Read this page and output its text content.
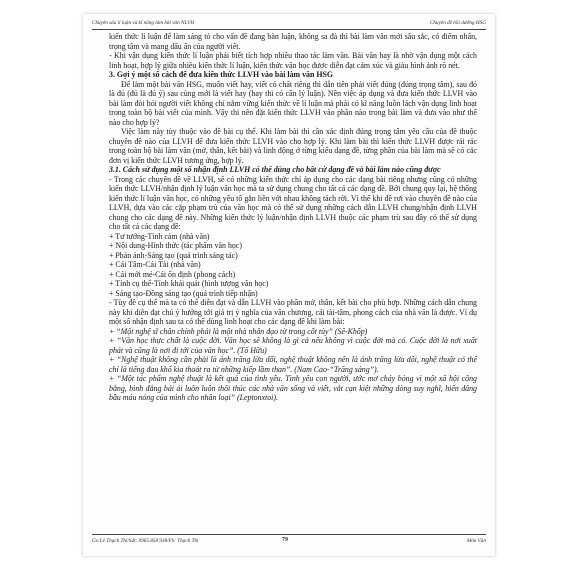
Chuyên sâu lí luận và kĩ năng làm bài văn NLVH	Chuyên đề bồi dưỡng HSG

kiến thức lí luận để làm sáng tỏ cho vấn đề đang bàn luận, không sa đà thì bài làm văn mới sâu sắc, có điểm nhấn, trọng tâm và mang dấu ấn của người viết.

- Khi vận dụng kiến thức lí luận phải biết tích hợp nhiều thao tác làm văn. Bài văn hay là nhờ vận dụng một cách linh hoạt, hợp lý giữa nhiều kiến thức lí luận, kiến thức văn học được diễn đạt cảm xúc và giàu hình ảnh rõ nét.

3. Gợi ý một số cách để đưa kiến thức LLVH vào bài làm văn HSG

Để làm một bài văn HSG, muốn viết hay, viết có chất riêng thì dẫn tiên phải viết đúng (đúng trọng tâm), sau đó là đủ (đủ là đủ ý) sau cùng mới là viết hay (hay thì có cần lý luận). Nên việc áp dụng và đưa kiến thức LLVH vào bài làm đòi hỏi người viết không chỉ nắm vững kiến thức về lí luận mà phải có kĩ năng luồn lách vận dụng linh hoạt trong toàn bộ bài viết của mình. Vậy thì nên đặt kiến thức LLVH vào phần nào trong bài làm và đưa vào như thế nào cho hợp lý?

Việc làm này tùy thuộc vào đề bài cụ thể. Khi làm bài thì cần xác định đúng trọng tâm yêu cầu của đề thuộc chuyên đề nào của LLVH để đưa kiến thức LLVH vào cho hợp lý. Khi làm bài thì kiến thức LLVH được rải rác trong toàn bộ bài làm văn (mở, thân, kết bài) và linh động ở từng kiểu dạng đề, từng phần của bài làm mà sẽ có các đơn vị kiến thức LLVH tương ứng, hợp lý.

3.1. Cách sử dụng một số nhận định LLVH có thể dùng cho bất cứ dạng đề và bài làm nào cũng được

- Trong các chuyên đề về LLVH, sẽ có những kiến thức chỉ áp dụng cho các dạng bài riêng nhưng cũng có những kiến thức LLVH/nhận định lý luận văn học mà ta sử dụng chung cho tất cả các dạng đề. Bởi chung quy lại, hệ thống kiến thức lí luận văn học, có những yếu tố gắn liền với nhau không tách rời. Vì thế khi đề rơi vào chuyên đề nào của LLVH, dựa vào các cặp phạm trù của văn học mà có thể sử dụng những cách dẫn LLVH chung/nhận định LLVH chung cho các dạng đề này. Những kiến thức lý luận/nhận định LLVH thuộc các phạm trù sau đây có thể sử dụng cho tất cả các dạng đề:

+ Tư tưởng-Tình cảm (nhà văn)

+ Nội dung-Hình thức (tác phẩm văn học)

+ Phản ánh-Sáng tạo (quá trình sáng tác)

+ Cái Tâm-Cái Tài (nhà văn)

+ Cái mới mẻ-Cái ổn định (phong cách)

+ Tính cụ thể-Tính khái quát (hình tượng văn học)

+ Sáng tạo-Đồng sáng tạo (quá trình tiếp nhận)

- Tùy đề cụ thể mà ta có thể diễn đạt và dẫn LLVH vào phần mở, thân, kết bài cho phù hợp. Những cách dẫn chung này khi diễn đạt chú ý hướng tới giá trị ý nghĩa của văn chương, cái tài-tâm, phong cách của nhà văn là được. Ví dụ một số nhận định sau ta có thể dùng linh hoạt cho các dạng đề khi làm bài:

+ “Một nghệ sĩ chân chính phải là một nhà nhân đạo từ trong cốt tủy” (Sê-Khốp)

+ “Văn học thực chất là cuộc đời. Văn học sẽ không là gì cả nếu không vì cuộc đời mà có. Cuộc đời là nơi xuất phát và cũng là nơi đi tới của văn học”. (Tố Hữu)

+ “Nghệ thuật không cần phải là ánh trăng lừa dối, nghệ thuật không nên là ánh trăng lừa dối, nghệ thuật có thể chỉ là tiếng đau khổ kia thoát ra từ những kiếp lầm than”. (Nam Cao-“Trăng sáng”).

+ “Một tác phẩm nghệ thuật là kết quả của tình yêu. Tình yêu con người, ước mơ cháy bỏng vì một xã hội công bằng, bình đẳng bái ái luôn luôn thôi thúc các nhà văn sống và viết, vắt cạn kiệt những dòng suy nghĩ, hiến dâng bầu máu nóng của mình cho nhân loại” (Leptonxtoi).

Gv:Lê Thạch Thi/Sđt: 0965.858.938/Fb: Thạch Thi	79	Môn Văn
